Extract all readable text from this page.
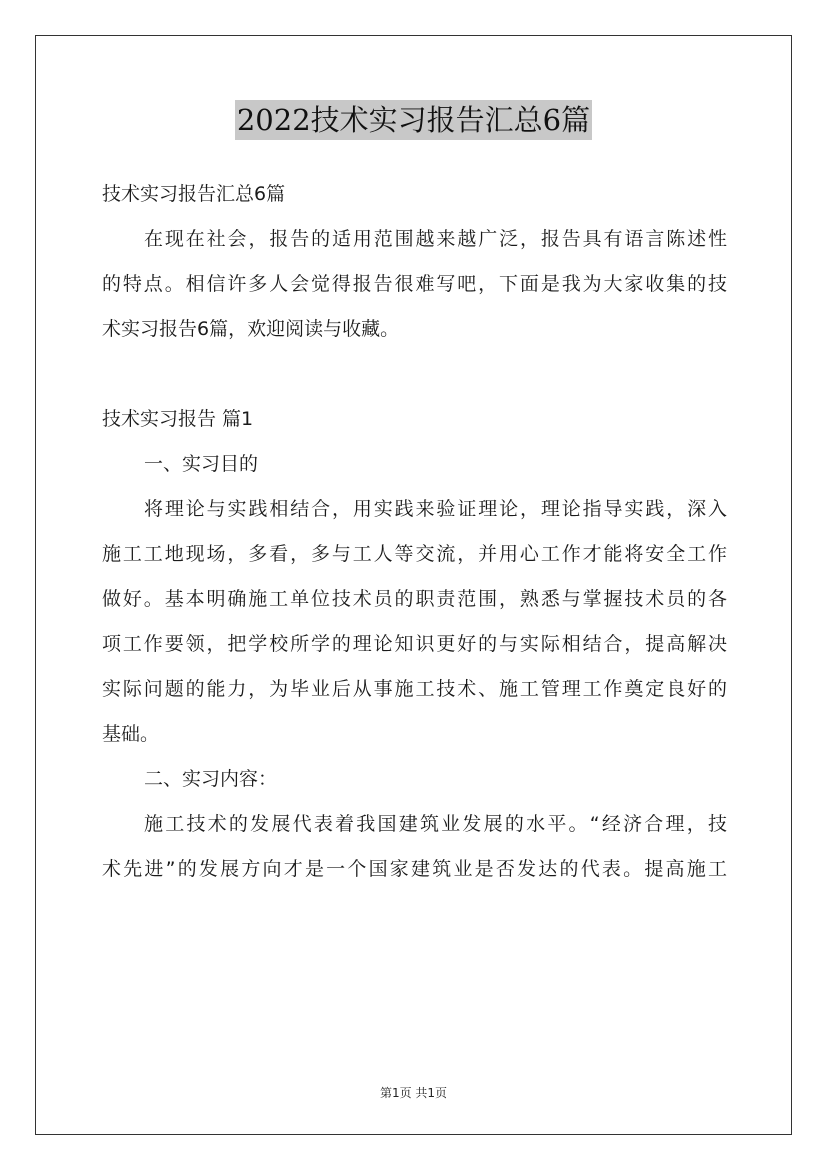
2022技术实习报告汇总6篇
技术实习报告汇总6篇
在现在社会，报告的适用范围越来越广泛，报告具有语言陈述性
的特点。相信许多人会觉得报告很难写吧，下面是我为大家收集的技
术实习报告6篇，欢迎阅读与收藏。
技术实习报告 篇1
一、实习目的
将理论与实践相结合，用实践来验证理论，理论指导实践，深入
施工工地现场，多看，多与工人等交流，并用心工作才能将安全工作
做好。基本明确施工单位技术员的职责范围，熟悉与掌握技术员的各
项工作要领，把学校所学的理论知识更好的与实际相结合，提高解决
实际问题的能力，为毕业后从事施工技术、施工管理工作奠定良好的
基础。
二、实习内容：
施工技术的发展代表着我国建筑业发展的水平。“经济合理，技
术先进”的发展方向才是一个国家建筑业是否发达的代表。提高施工
第1页 共1页
